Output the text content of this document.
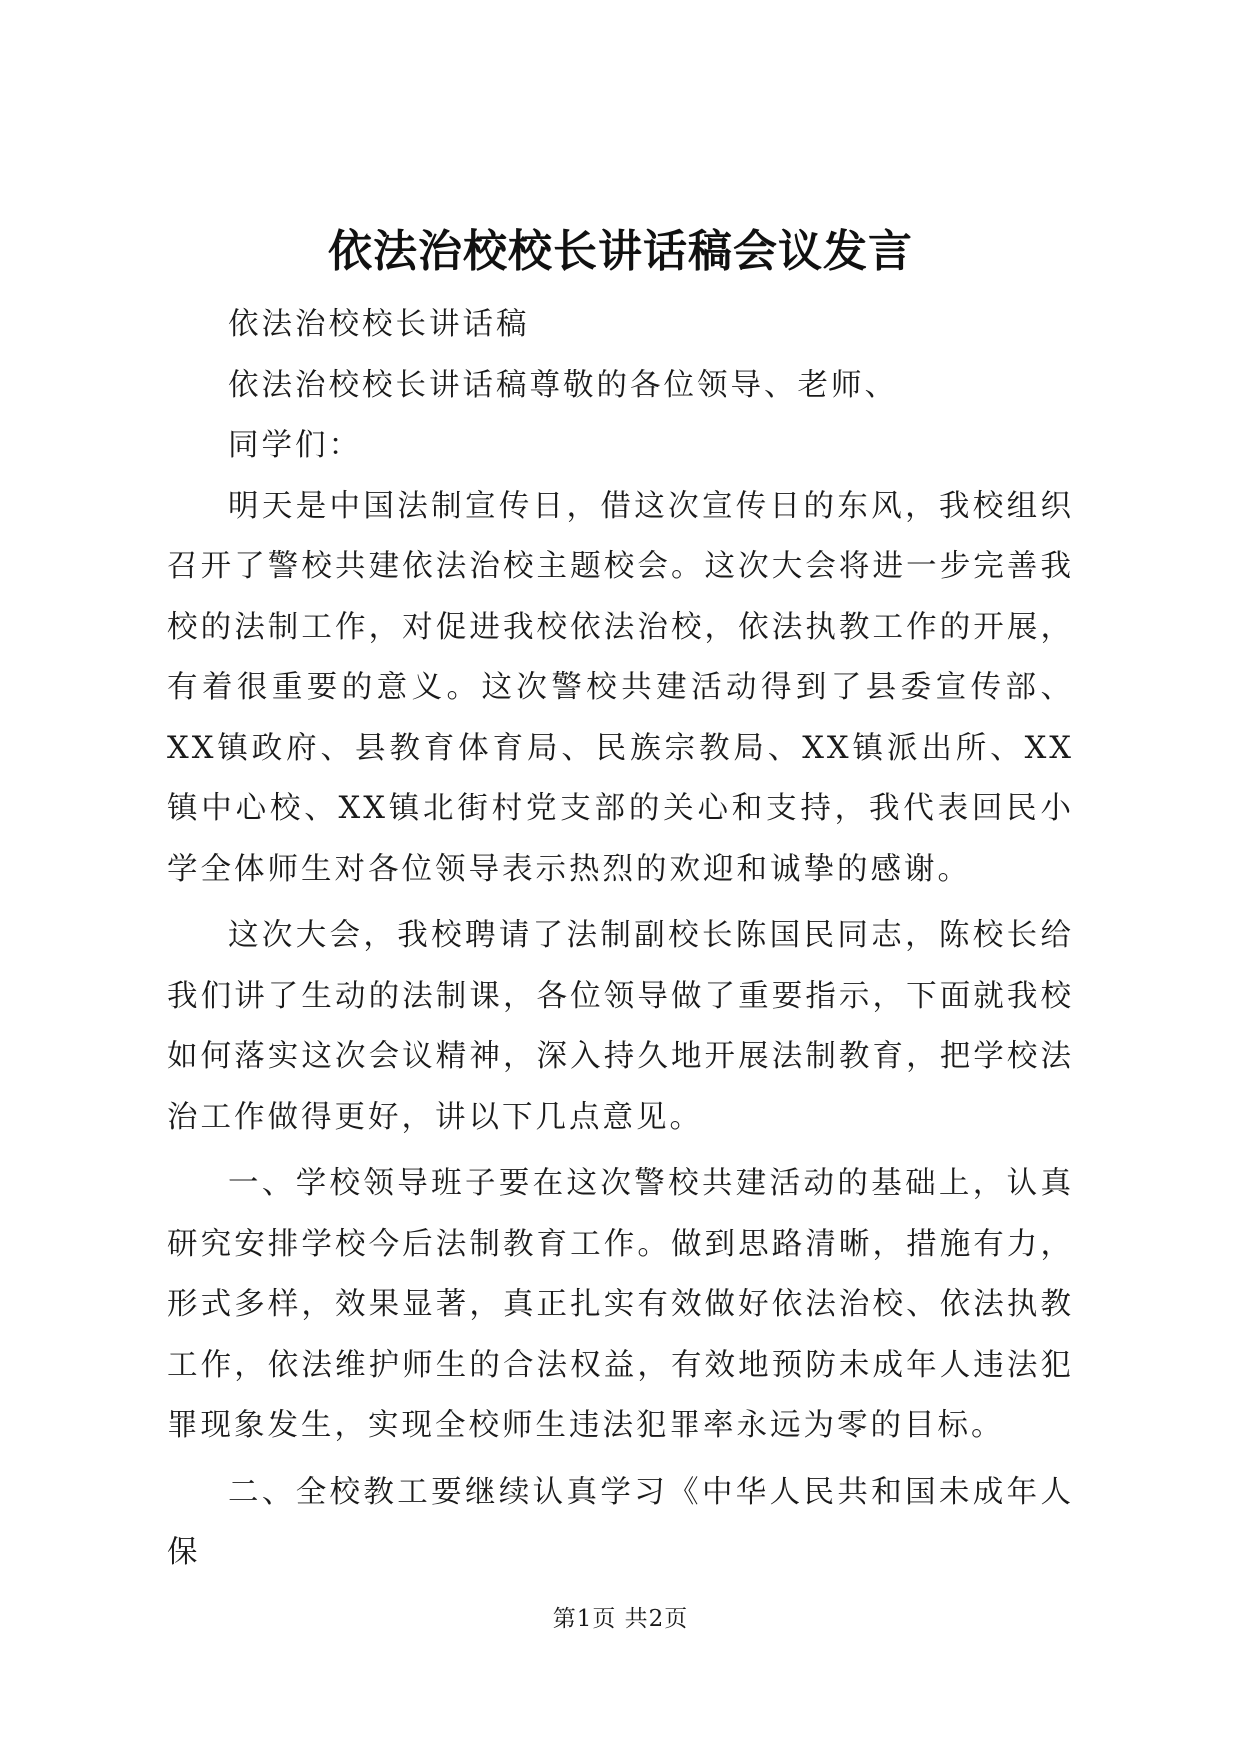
依法治校校长讲话稿会议发言

依法治校校长讲话稿

依法治校校长讲话稿尊敬的各位领导、老师、

同学们：

明天是中国法制宣传日，借这次宣传日的东风，我校组织召开了警校共建依法治校主题校会。这次大会将进一步完善我校的法制工作，对促进我校依法治校，依法执教工作的开展，有着很重要的意义。这次警校共建活动得到了县委宣传部、XX镇政府、县教育体育局、民族宗教局、XX镇派出所、XX镇中心校、XX镇北街村党支部的关心和支持，我代表回民小学全体师生对各位领导表示热烈的欢迎和诚挚的感谢。

这次大会，我校聘请了法制副校长陈国民同志，陈校长给我们讲了生动的法制课，各位领导做了重要指示，下面就我校如何落实这次会议精神，深入持久地开展法制教育，把学校法治工作做得更好，讲以下几点意见。

一、学校领导班子要在这次警校共建活动的基础上，认真研究安排学校今后法制教育工作。做到思路清晰，措施有力，形式多样，效果显著，真正扎实有效做好依法治校、依法执教工作，依法维护师生的合法权益，有效地预防未成年人违法犯罪现象发生，实现全校师生违法犯罪率永远为零的目标。

二、全校教工要继续认真学习《中华人民共和国未成年人保

第1页 共2页
